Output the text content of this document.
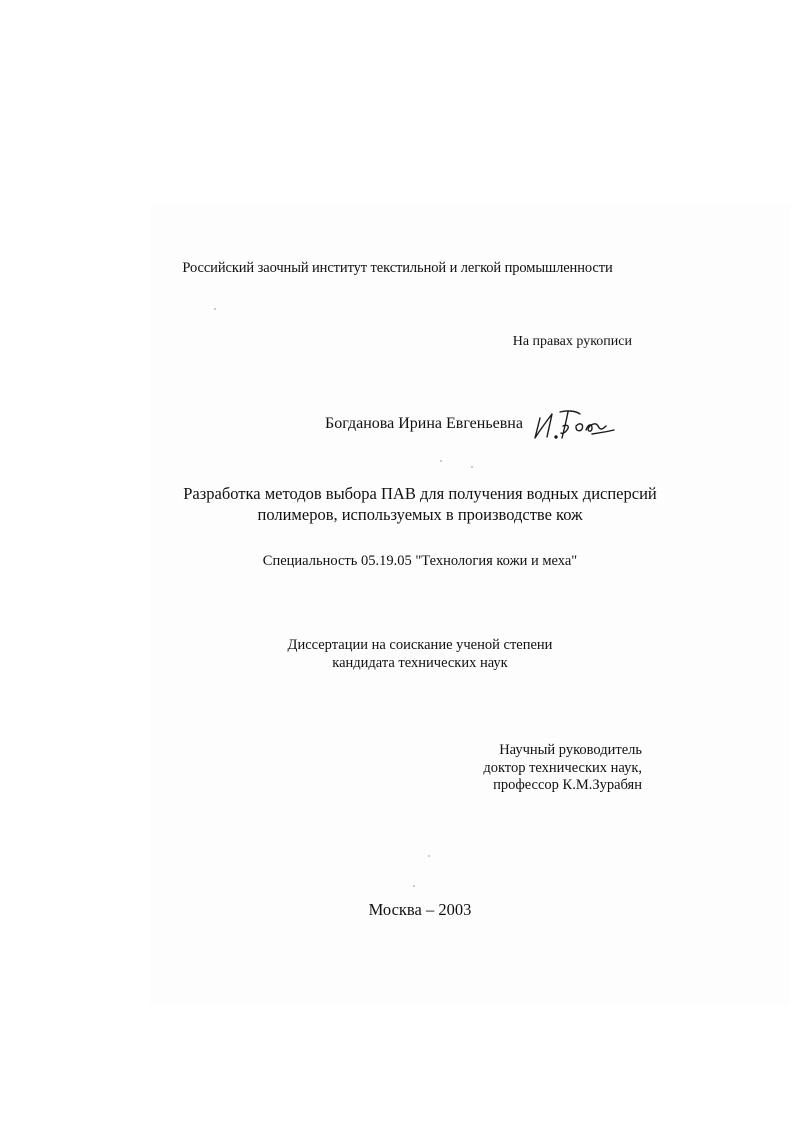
Российский заочный институт текстильной и легкой промышленности
На правах рукописи
Богданова Ирина Евгеньевна
Разработка методов выбора ПАВ для получения водных дисперсий
полимеров, используемых в производстве кож
Специальность 05.19.05 "Технология кожи и меха"
Диссертации на соискание ученой степени
кандидата технических наук
Научный руководитель
доктор технических наук,
профессор К.М.Зурабян
Москва – 2003
